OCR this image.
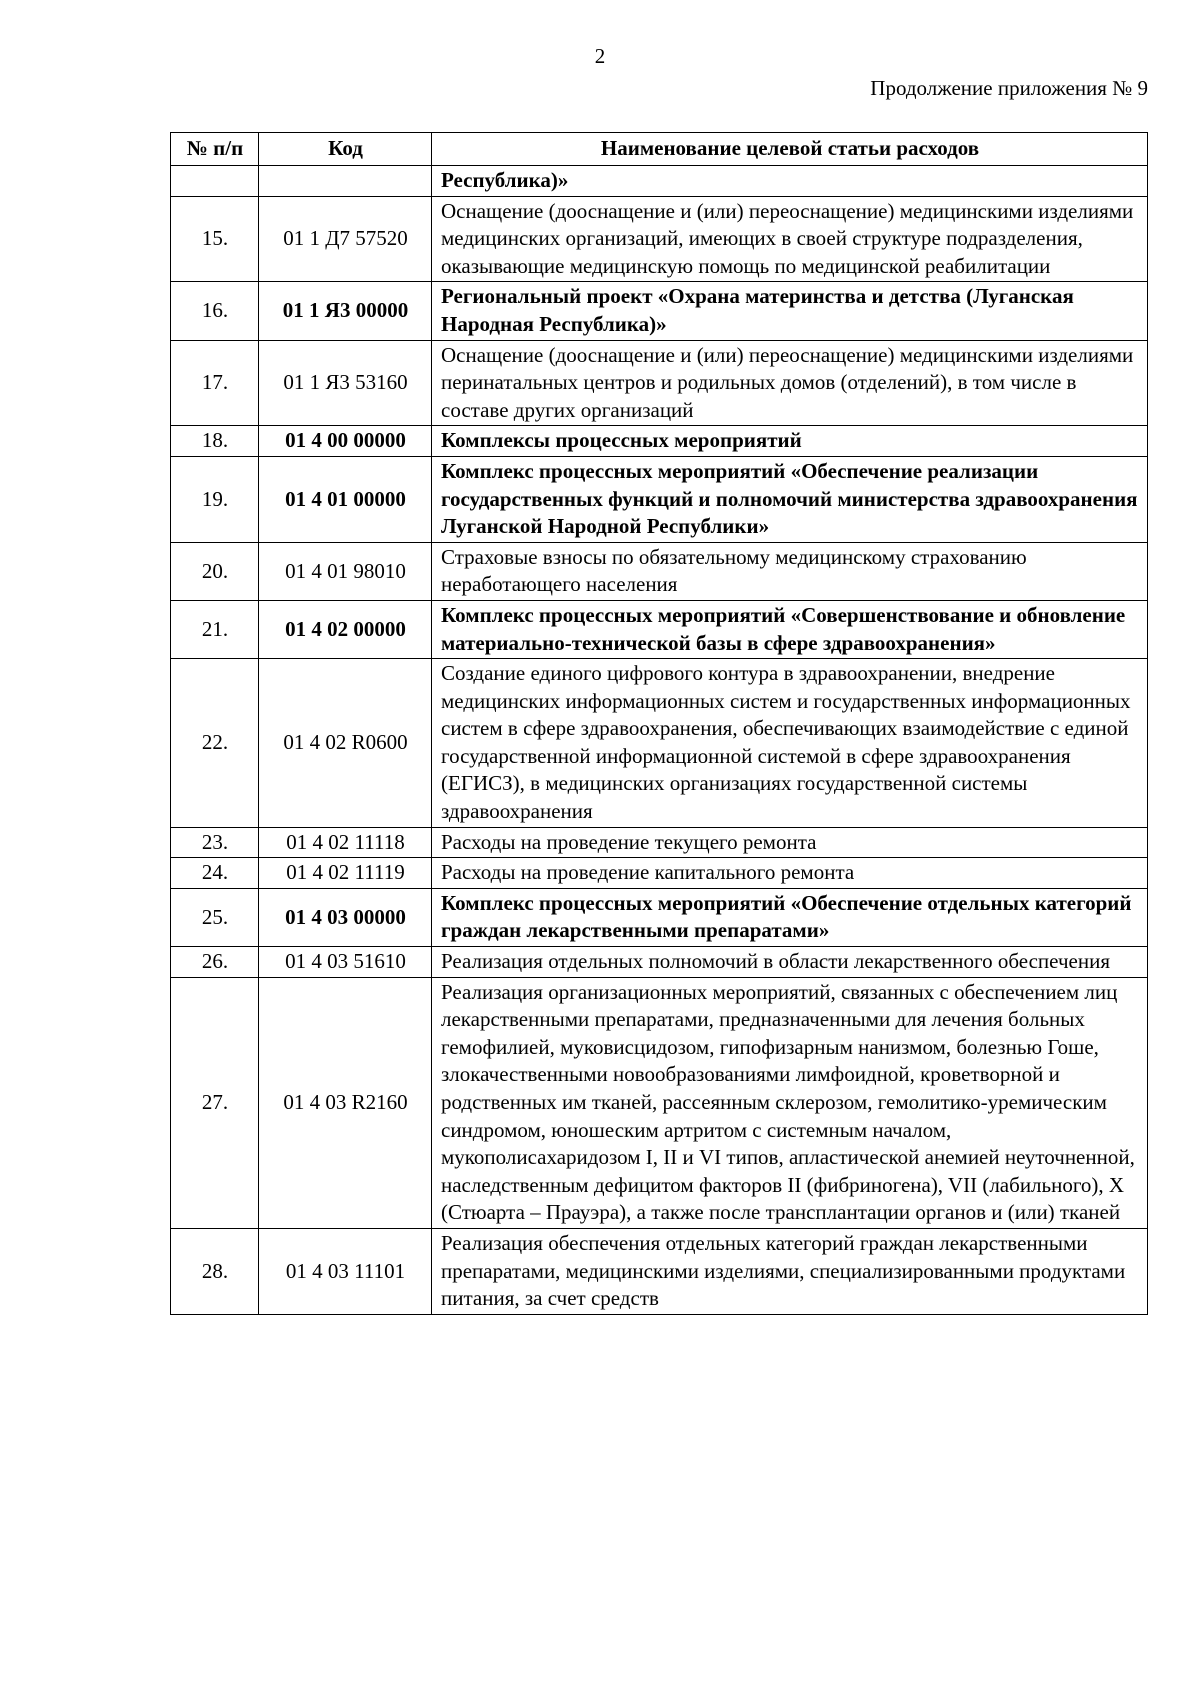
2
Продолжение приложения № 9
№ п/п	Код	Наименование целевой статьи расходов
		Республика)»
15.	01 1 Д7 57520	Оснащение (дооснащение и (или) переоснащение) медицинскими изделиями медицинских организаций, имеющих в своей структуре подразделения, оказывающие медицинскую помощь по медицинской реабилитации
16.	01 1 Я3 00000	Региональный проект «Охрана материнства и детства (Луганская Народная Республика)»
17.	01 1 Я3 53160	Оснащение (дооснащение и (или) переоснащение) медицинскими изделиями перинатальных центров и родильных домов (отделений), в том числе в составе других организаций
18.	01 4 00 00000	Комплексы процессных мероприятий
19.	01 4 01 00000	Комплекс процессных мероприятий «Обеспечение реализации государственных функций и полномочий министерства здравоохранения Луганской Народной Республики»
20.	01 4 01 98010	Страховые взносы по обязательному медицинскому страхованию неработающего населения
21.	01 4 02 00000	Комплекс процессных мероприятий «Совершенствование и обновление материально-технической базы в сфере здравоохранения»
22.	01 4 02 R0600	Создание единого цифрового контура в здравоохранении, внедрение медицинских информационных систем и государственных информационных систем в сфере здравоохранения, обеспечивающих взаимодействие с единой государственной информационной системой в сфере здравоохранения (ЕГИСЗ), в медицинских организациях государственной системы здравоохранения
23.	01 4 02 11118	Расходы на проведение текущего ремонта
24.	01 4 02 11119	Расходы на проведение капитального ремонта
25.	01 4 03 00000	Комплекс процессных мероприятий «Обеспечение отдельных категорий граждан лекарственными препаратами»
26.	01 4 03 51610	Реализация отдельных полномочий в области лекарственного обеспечения
27.	01 4 03 R2160	Реализация организационных мероприятий, связанных с обеспечением лиц лекарственными препаратами, предназначенными для лечения больных гемофилией, муковисцидозом, гипофизарным нанизмом, болезнью Гоше, злокачественными новообразованиями лимфоидной, кроветворной и родственных им тканей, рассеянным склерозом, гемолитико-уремическим синдромом, юношеским артритом с системным началом, мукополисахаридозом I, II и VI типов, апластической анемией неуточненной, наследственным дефицитом факторов II (фибриногена), VII (лабильного), X (Стюарта – Прауэра), а также после трансплантации органов и (или) тканей
28.	01 4 03 11101	Реализация обеспечения отдельных категорий граждан лекарственными препаратами, медицинскими изделиями, специализированными продуктами питания, за счет средств
